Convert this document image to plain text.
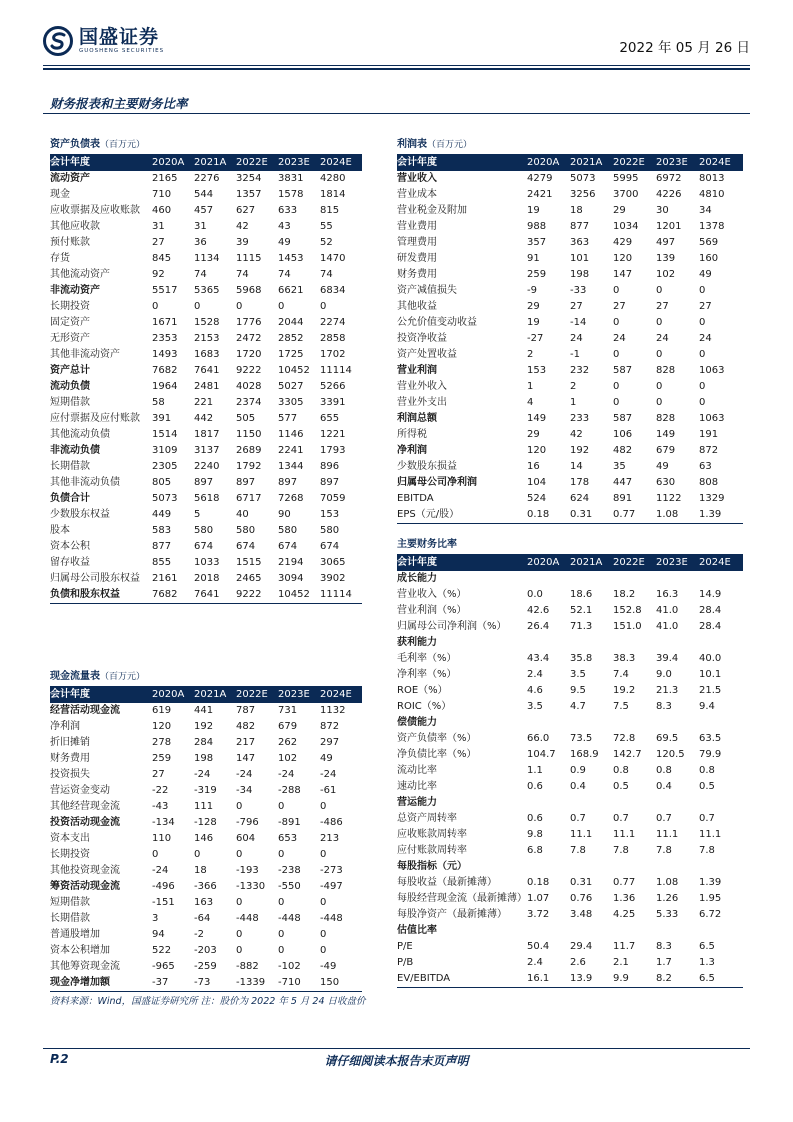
国盛证券
GUOSHENG SECURITIES	2022 年 05 月 26 日
财务报表和主要财务比率
资产负债表（百万元）
会计年度	2020A 2021A 2022E	2023E	2024E
流动资产	2165	2276	3254	3831	4280
现金	710	544	1357	1578	1814
应收票据及应收账款	460	457	627	633	815
其他应收款	31	31	42	43	55
预付账款	27	36	39	49	52
存货	845	1134	1115	1453	1470
其他流动资产	92	74	74	74	74
非流动资产	5517	5365	5968	6621	6834
长期投资	0	0	0	0	0
固定资产	1671	1528	1776	2044	2274
无形资产	2353	2153	2472	2852	2858
其他非流动资产	1493	1683	1720	1725	1702
资产总计	7682	7641	9222	10452	11114
流动负债	1964	2481	4028	5027	5266
短期借款	58	221	2374	3305	3391
应付票据及应付账款	391	442	505	577	655
其他流动负债	1514	1817	1150	1146	1221
非流动负债	3109	3137	2689	2241	1793
长期借款	2305	2240	1792	1344	896
其他非流动负债	805	897	897	897	897
负债合计	5073	5618	6717	7268	7059
少数股东权益	449	5	40	90	153
股本	583	580	580	580	580
资本公积	877	674	674	674	674
留存收益	855	1033	1515	2194	3065
归属母公司股东权益	2161	2018	2465	3094	3902
负债和股东权益	7682	7641	9222	10452	11114
利润表（百万元）
会计年度	2020A	2021A	2022E	2023E	2024E
营业收入	4279	5073	5995	6972	8013
营业成本	2421	3256	3700	4226	4810
营业税金及附加	19	18	29	30	34
营业费用	988	877	1034	1201	1378
管理费用	357	363	429	497	569
研发费用	91	101	120	139	160
财务费用	259	198	147	102	49
资产减值损失	-9	-33	0	0	0
其他收益	29	27	27	27	27
公允价值变动收益	19	-14	0	0	0
投资净收益	-27	24	24	24	24
资产处置收益	2	-1	0	0	0
营业利润	153	232	587	828	1063
营业外收入	1	2	0	0	0
营业外支出	4	1	0	0	0
利润总额	149	233	587	828	1063
所得税	29	42	106	149	191
净利润	120	192	482	679	872
少数股东损益	16	14	35	49	63
归属母公司净利润	104	178	447	630	808
EBITDA	524	624	891	1122	1329
EPS（元/股）	0.18	0.31	0.77	1.08	1.39
现金流量表（百万元）
会计年度	2020A 2021A 2022E	2023E	2024E
经营活动现金流	619	441	787	731	1132
净利润	120	192	482	679	872
折旧摊销	278	284	217	262	297
财务费用	259	198	147	102	49
投资损失	27	-24	-24	-24	-24
营运资金变动	-22	-319	-34	-288	-61
其他经营现金流	-43	111	0	0	0
投资活动现金流	-134	-128	-796	-891	-486
资本支出	110	146	604	653	213
长期投资	0	0	0	0	0
其他投资现金流	-24	18	-193	-238	-273
筹资活动现金流	-496	-366	-1330	-550	-497
短期借款	-151	163	0	0	0
长期借款	3	-64	-448	-448	-448
普通股增加	94	-2	0	0	0
资本公积增加	522	-203	0	0	0
其他筹资现金流	-965	-259	-882	-102	-49
现金净增加额	-37	-73	-1339	-710	150
主要财务比率
会计年度	2020A	2021A	2022E	2023E	2024E
成长能力
营业收入（%）	0.0	18.6	18.2	16.3	14.9
营业利润（%）	42.6	52.1	152.8	41.0	28.4
归属母公司净利润（%）	26.4	71.3	151.0	41.0	28.4
获利能力
毛利率（%）	43.4	35.8	38.3	39.4	40.0
净利率（%）	2.4	3.5	7.4	9.0	10.1
ROE（%）	4.6	9.5	19.2	21.3	21.5
ROIC（%）	3.5	4.7	7.5	8.3	9.4
偿债能力
资产负债率（%）	66.0	73.5	72.8	69.5	63.5
净负债比率（%）	104.7	168.9	142.7	120.5	79.9
流动比率	1.1	0.9	0.8	0.8	0.8
速动比率	0.6	0.4	0.5	0.4	0.5
营运能力
总资产周转率	0.6	0.7	0.7	0.7	0.7
应收账款周转率	9.8	11.1	11.1	11.1	11.1
应付账款周转率	6.8	7.8	7.8	7.8	7.8
每股指标（元）
每股收益（最新摊薄）	0.18	0.31	0.77	1.08	1.39
每股经营现金流（最新摊薄） 1.07	0.76	1.36	1.26	1.95
每股净资产（最新摊薄）	3.72	3.48	4.25	5.33	6.72
估值比率
P/E	50.4	29.4	11.7	8.3	6.5
P/B	2.4	2.6	2.1	1.7	1.3
EV/EBITDA	16.1	13.9	9.9	8.2	6.5
资料来源：Wind，国盛证券研究所 注：股价为 2022 年 5 月 24 日收盘价
P.2	请仔细阅读本报告末页声明
